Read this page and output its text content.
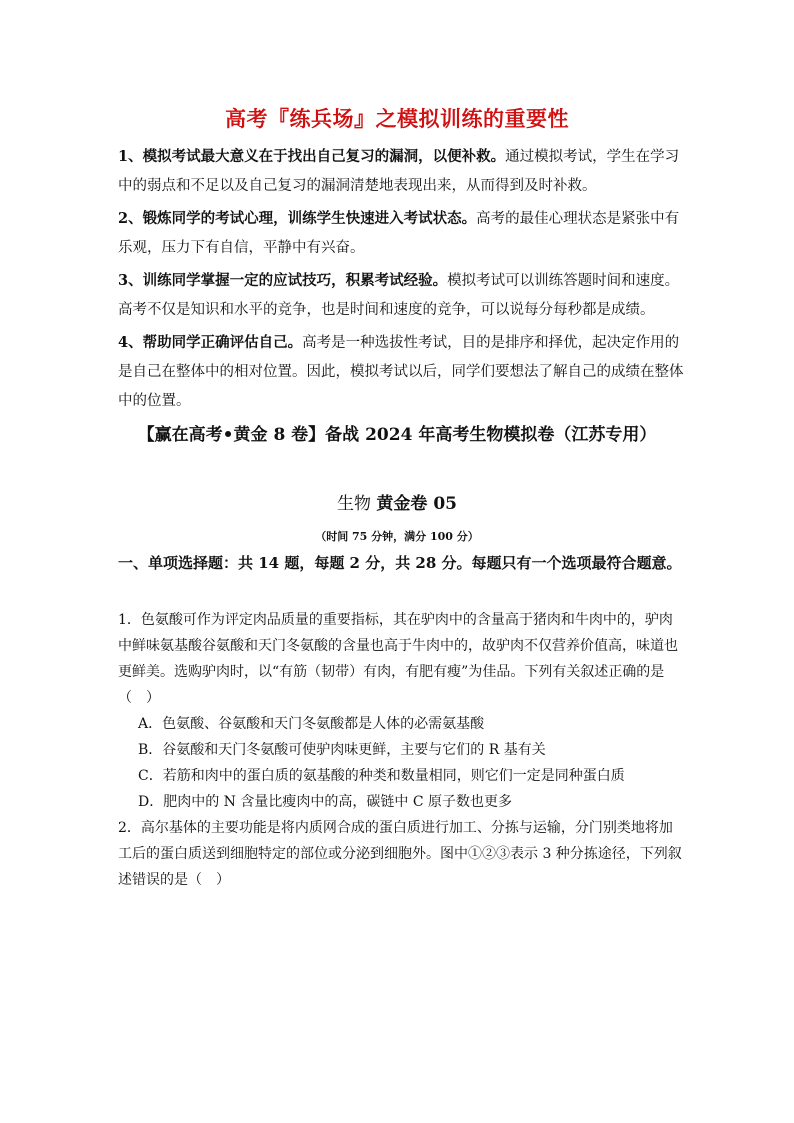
高考『练兵场』之模拟训练的重要性

1、模拟考试最大意义在于找出自己复习的漏洞，以便补救。通过模拟考试，学生在学习中的弱点和不足以及自己复习的漏洞清楚地表现出来，从而得到及时补救。

2、锻炼同学的考试心理，训练学生快速进入考试状态。高考的最佳心理状态是紧张中有乐观，压力下有自信，平静中有兴奋。

3、训练同学掌握一定的应试技巧，积累考试经验。模拟考试可以训练答题时间和速度。高考不仅是知识和水平的竞争，也是时间和速度的竞争，可以说每分每秒都是成绩。

4、帮助同学正确评估自己。高考是一种选拔性考试，目的是排序和择优，起决定作用的是自己在整体中的相对位置。因此，模拟考试以后，同学们要想法了解自己的成绩在整体中的位置。

【赢在高考•黄金 8 卷】备战 2024 年高考生物模拟卷（江苏专用）
生物 黄金卷 05
（时间 75 分钟，满分 100 分）
一、单项选择题：共 14 题，每题 2 分，共 28 分。每题只有一个选项最符合题意。

1．色氨酸可作为评定肉品质量的重要指标，其在驴肉中的含量高于猪肉和牛肉中的，驴肉中鲜味氨基酸谷氨酸和天门冬氨酸的含量也高于牛肉中的，故驴肉不仅营养价值高，味道也更鲜美。选购驴肉时，以“有筋（韧带）有肉，有肥有瘦”为佳品。下列有关叙述正确的是（　）

A．色氨酸、谷氨酸和天门冬氨酸都是人体的必需氨基酸

B．谷氨酸和天门冬氨酸可使驴肉味更鲜，主要与它们的 R 基有关

C．若筋和肉中的蛋白质的氨基酸的种类和数量相同，则它们一定是同种蛋白质

D．肥肉中的 N 含量比瘦肉中的高，碳链中 C 原子数也更多

2．高尔基体的主要功能是将内质网合成的蛋白质进行加工、分拣与运输，分门别类地将加工后的蛋白质送到细胞特定的部位或分泌到细胞外。图中①②③表示 3 种分拣途径，下列叙述错误的是（　）
